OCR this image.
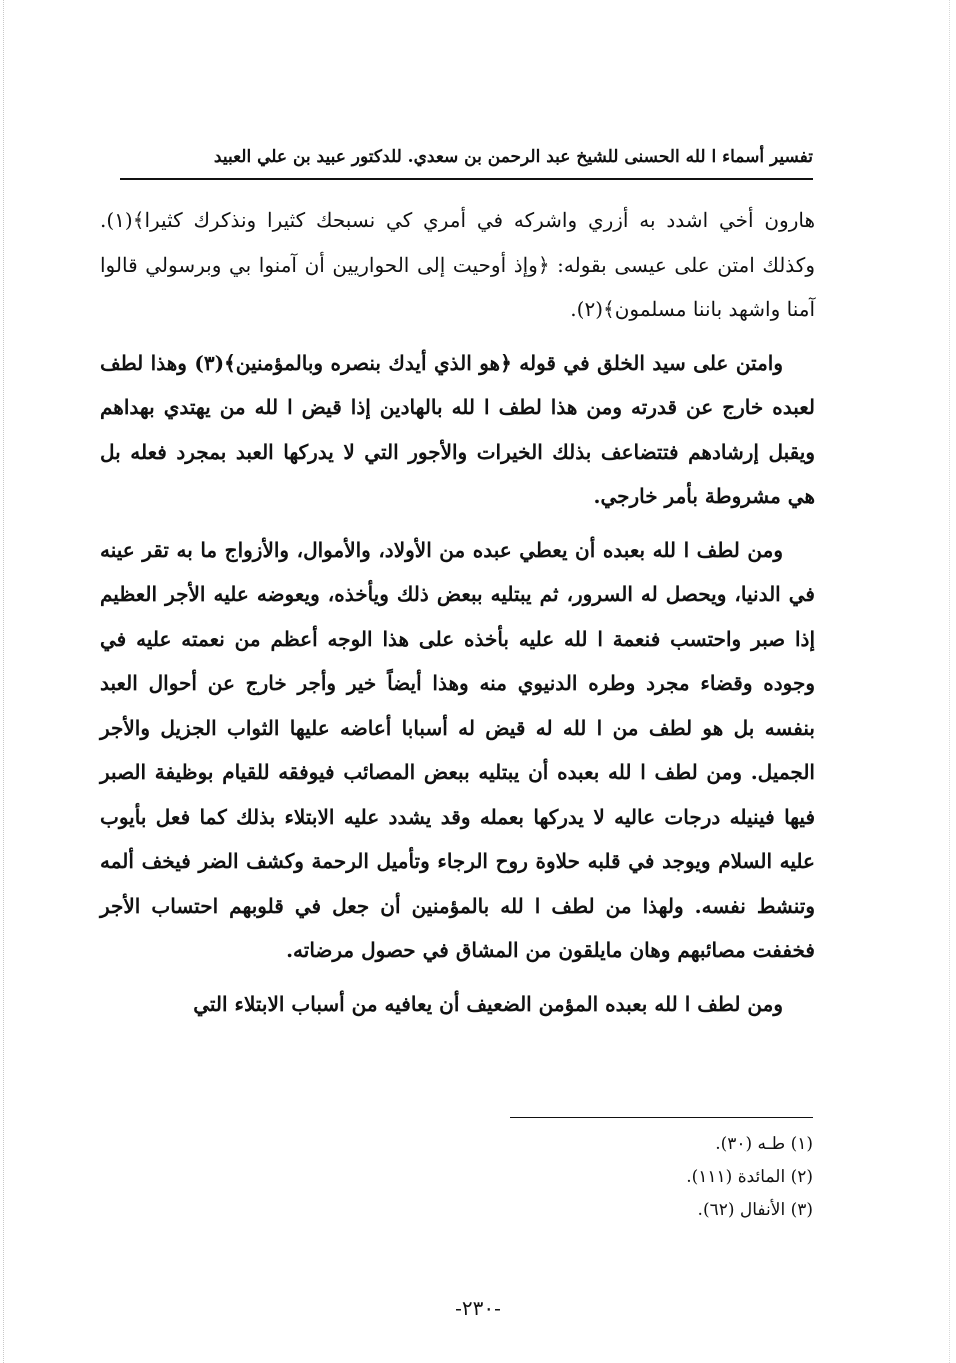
تفسير أسماء ا لله الحسنى للشيخ عبد الرحمن بن سعدي. للدكتور عبيد بن علي العبيد

هارون أخي اشدد به أزري واشركه في أمري كي نسبحك كثيرا ونذكرك كثيرا﴾(١). وكذلك امتن على عيسى بقوله: ﴿وإذ أوحيت إلى الحواريين أن آمنوا بي وبرسولي قالوا آمنا واشهد باننا مسلمون﴾(٢).

وامتن على سيد الخلق في قوله ﴿هو الذي أيدك بنصره وبالمؤمنين﴾(٣) وهذا لطف لعبده خارج عن قدرته ومن هذا لطف ا لله بالهادين إذا قيض ا لله من يهتدي بهداهم ويقبل إرشادهم فتتضاعف بذلك الخيرات والأجور التي لا يدركها العبد بمجرد فعله بل هي مشروطة بأمر خارجي.

ومن لطف ا لله بعبده أن يعطي عبده من الأولاد، والأموال، والأزواج ما به تقر عينه في الدنيا، ويحصل له السرور، ثم يبتليه ببعض ذلك ويأخذه، ويعوضه عليه الأجر العظيم إذا صبر واحتسب فنعمة ا لله عليه بأخذه على هذا الوجه أعظم من نعمته عليه في وجوده وقضاء مجرد وطره الدنيوي منه وهذا أيضاً خير وأجر خارج عن أحوال العبد بنفسه بل هو لطف من ا لله له قيض له أسبابا أعاضه عليها الثواب الجزيل والأجر الجميل. ومن لطف ا لله بعبده أن يبتليه ببعض المصائب فيوفقه للقيام بوظيفة الصبر فيها فينيله درجات عاليه لا يدركها بعمله وقد يشدد عليه الابتلاء بذلك كما فعل بأيوب عليه السلام ويوجد في قلبه حلاوة روح الرجاء وتأميل الرحمة وكشف الضر فيخف ألمه وتنشط نفسه. ولهذا من لطف ا لله بالمؤمنين أن جعل في قلوبهم احتساب الأجر فخففت مصائبهم وهان مايلقون من المشاق في حصول مرضاته.

ومن لطف ا لله بعبده المؤمن الضعيف أن يعافيه من أسباب الابتلاء التي

(١) طـه (٣٠).
(٢) المائدة (١١١).
(٣) الأنفال (٦٢).
-٢٣٠-
